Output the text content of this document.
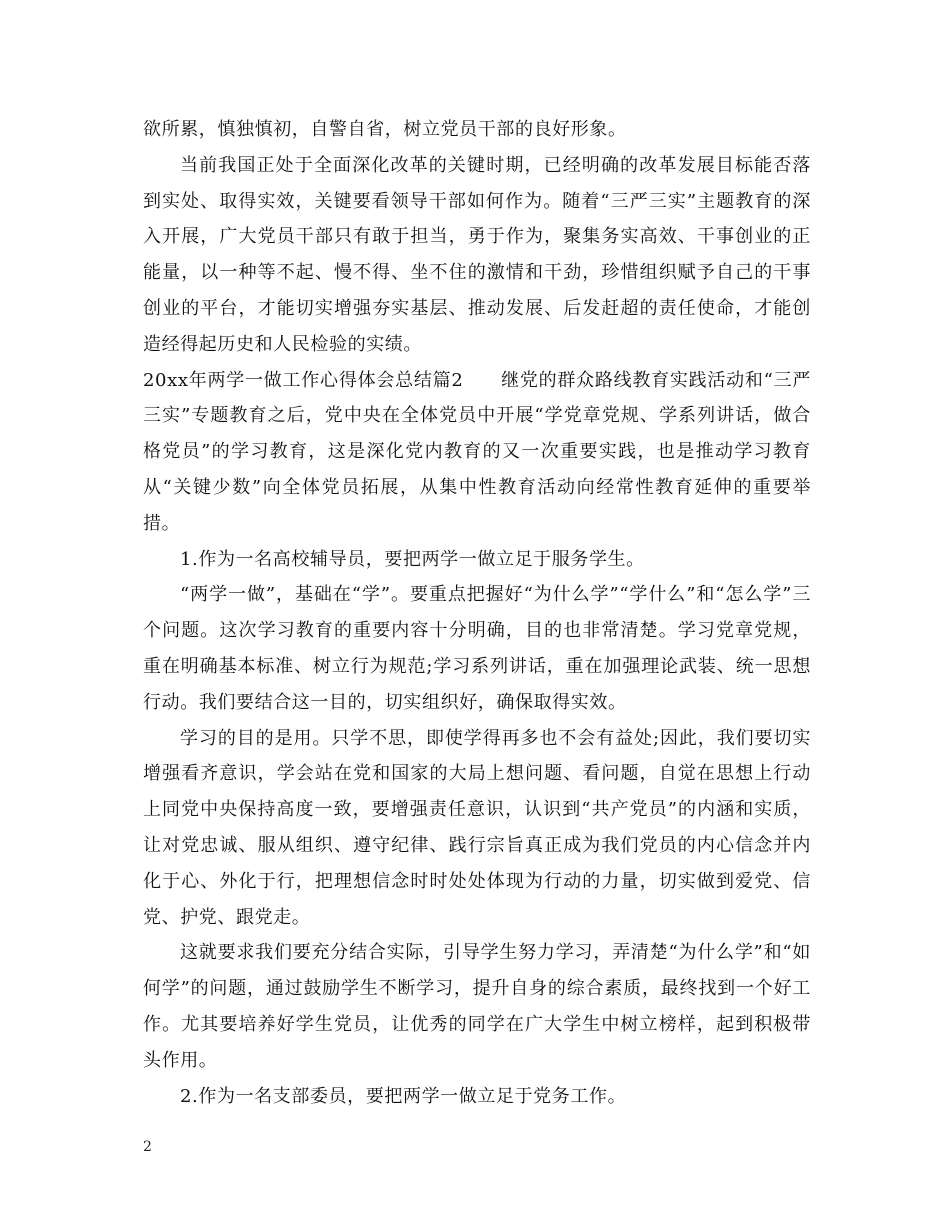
欲所累，慎独慎初，自警自省，树立党员干部的良好形象。

当前我国正处于全面深化改革的关键时期，已经明确的改革发展目标能否落到实处、取得实效，关键要看领导干部如何作为。随着“三严三实”主题教育的深入开展，广大党员干部只有敢于担当，勇于作为，聚集务实高效、干事创业的正能量，以一种等不起、慢不得、坐不住的激情和干劲，珍惜组织赋予自己的干事创业的平台，才能切实增强夯实基层、推动发展、后发赶超的责任使命，才能创造经得起历史和人民检验的实绩。

20xx年两学一做工作心得体会总结篇2　　继党的群众路线教育实践活动和“三严三实”专题教育之后，党中央在全体党员中开展“学党章党规、学系列讲话，做合格党员”的学习教育，这是深化党内教育的又一次重要实践，也是推动学习教育从“关键少数”向全体党员拓展，从集中性教育活动向经常性教育延伸的重要举措。

1.作为一名高校辅导员，要把两学一做立足于服务学生。

“两学一做”，基础在“学”。要重点把握好“为什么学”“学什么”和“怎么学”三个问题。这次学习教育的重要内容十分明确，目的也非常清楚。学习党章党规，重在明确基本标准、树立行为规范;学习系列讲话，重在加强理论武装、统一思想行动。我们要结合这一目的，切实组织好，确保取得实效。

学习的目的是用。只学不思，即使学得再多也不会有益处;因此，我们要切实增强看齐意识，学会站在党和国家的大局上想问题、看问题，自觉在思想上行动上同党中央保持高度一致，要增强责任意识，认识到“共产党员”的内涵和实质，让对党忠诚、服从组织、遵守纪律、践行宗旨真正成为我们党员的内心信念并内化于心、外化于行，把理想信念时时处处体现为行动的力量，切实做到爱党、信党、护党、跟党走。

这就要求我们要充分结合实际，引导学生努力学习，弄清楚“为什么学”和“如何学”的问题，通过鼓励学生不断学习，提升自身的综合素质，最终找到一个好工作。尤其要培养好学生党员，让优秀的同学在广大学生中树立榜样，起到积极带头作用。

2.作为一名支部委员，要把两学一做立足于党务工作。

2
